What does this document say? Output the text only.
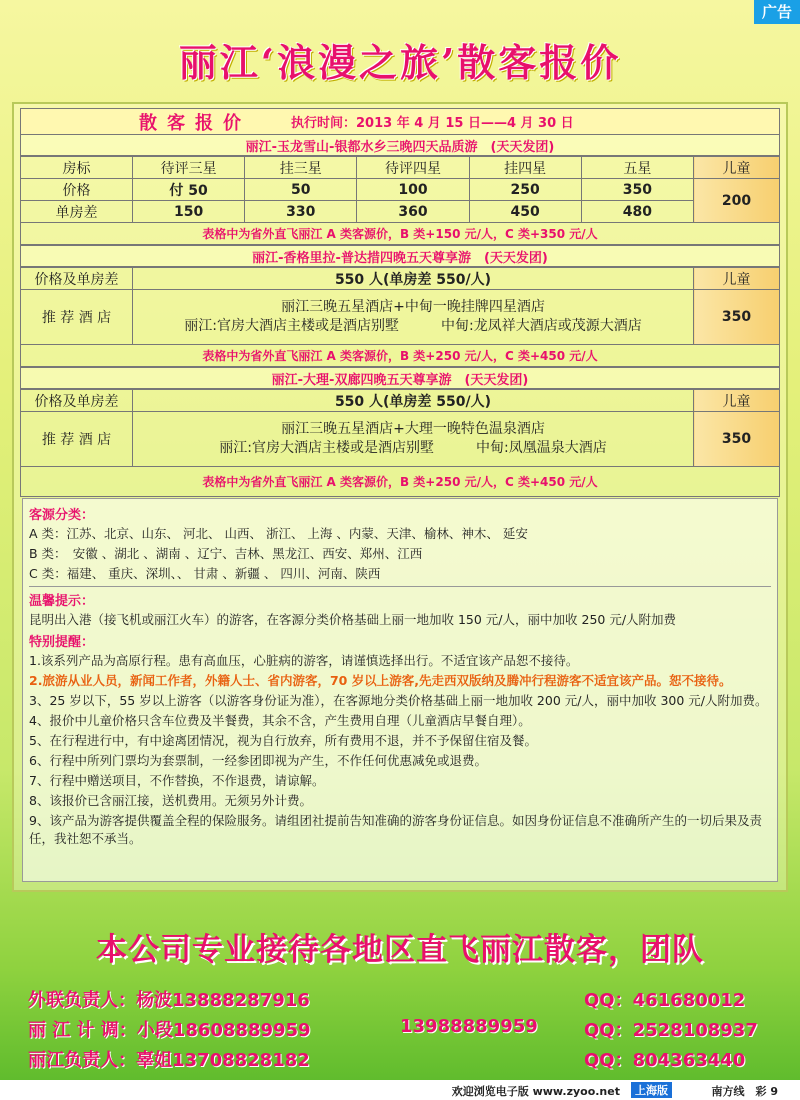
广告
丽江‘浪漫之旅’散客报价
散客报价	执行时间：2013 年 4 月 15 日——4 月 30 日
丽江-玉龙雪山-银都水乡三晚四天品质游　(天天发团)
房标	待评三星	挂三星	待评四星	挂四星	五星	儿童
价格	付 50	50	100	250	350	200
单房差	150	330	360	450	480	
表格中为省外直飞丽江 A 类客源价，B 类+150 元/人，C 类+350 元/人
丽江-香格里拉-普达措四晚五天尊享游　(天天发团)
价格及单房差	550 人(单房差 550/人)	儿童
推 荐 酒 店	丽江三晚五星酒店+中甸一晚挂牌四星酒店
丽江:官房大酒店主楼或是酒店别墅　　　 中甸:龙凤祥大酒店或茂源大酒店	350
表格中为省外直飞丽江 A 类客源价，B 类+250 元/人，C 类+450 元/人
丽江-大理-双廊四晚五天尊享游　(天天发团)
价格及单房差	550 人(单房差 550/人)	儿童
推 荐 酒 店	丽江三晚五星酒店+大理一晚特色温泉酒店
丽江:官房大酒店主楼或是酒店别墅　　　 中甸:凤凰温泉大酒店	350
表格中为省外直飞丽江 A 类客源价，B 类+250 元/人，C 类+450 元/人
客源分类：
A 类：江苏、北京、山东、 河北、 山西、 浙江、 上海 、内蒙、天津、榆林、神木、 延安
B 类：　安徽 、湖北 、湖南 、辽宁、吉林、黑龙江、西安、郑州、江西
C 类：福建、 重庆、深圳、、 甘肃 、新疆 、 四川、河南、陕西
温馨提示：
昆明出入港（接飞机或丽江火车）的游客，在客源分类价格基础上丽一地加收 150 元/人，丽中加收 250 元/人附加费
特别提醒：
1.该系列产品为高原行程。患有高血压，心脏病的游客，请谨慎选择出行。不适宜该产品恕不接待。
2.旅游从业人员，新闻工作者，外籍人士、省内游客，70 岁以上游客,先走西双版纳及腾冲行程游客不适宜该产品。恕不接待。
3、25 岁以下，55 岁以上游客（以游客身份证为准），在客源地分类价格基础上丽一地加收 200 元/人，丽中加收 300 元/人附加费。
4、报价中儿童价格只含车位费及半餐费，其余不含，产生费用自理（儿童酒店早餐自理）。
5、在行程进行中，有中途离团情况，视为自行放弃，所有费用不退，并不予保留住宿及餐。
6、行程中所列门票均为套票制，一经参团即视为产生，不作任何优惠减免或退费。
7、行程中赠送项目，不作替换，不作退费，请谅解。
8、该报价已含丽江接，送机费用。无须另外计费。
9、该产品为游客提供覆盖全程的保险服务。请组团社提前告知准确的游客身份证信息。如因身份证信息不准确所产生的一切后果及责任，我社恕不承当。
本公司专业接待各地区直飞丽江散客，团队
外联负责人：杨波13888287916	QQ：461680012
丽 江 计 调：小段18608889959	13988889959	QQ：2528108937
丽江负责人：辜姐13708828182	QQ：804363440
欢迎浏览电子版 www.zyoo.net	上海版	南方线　彩 9
